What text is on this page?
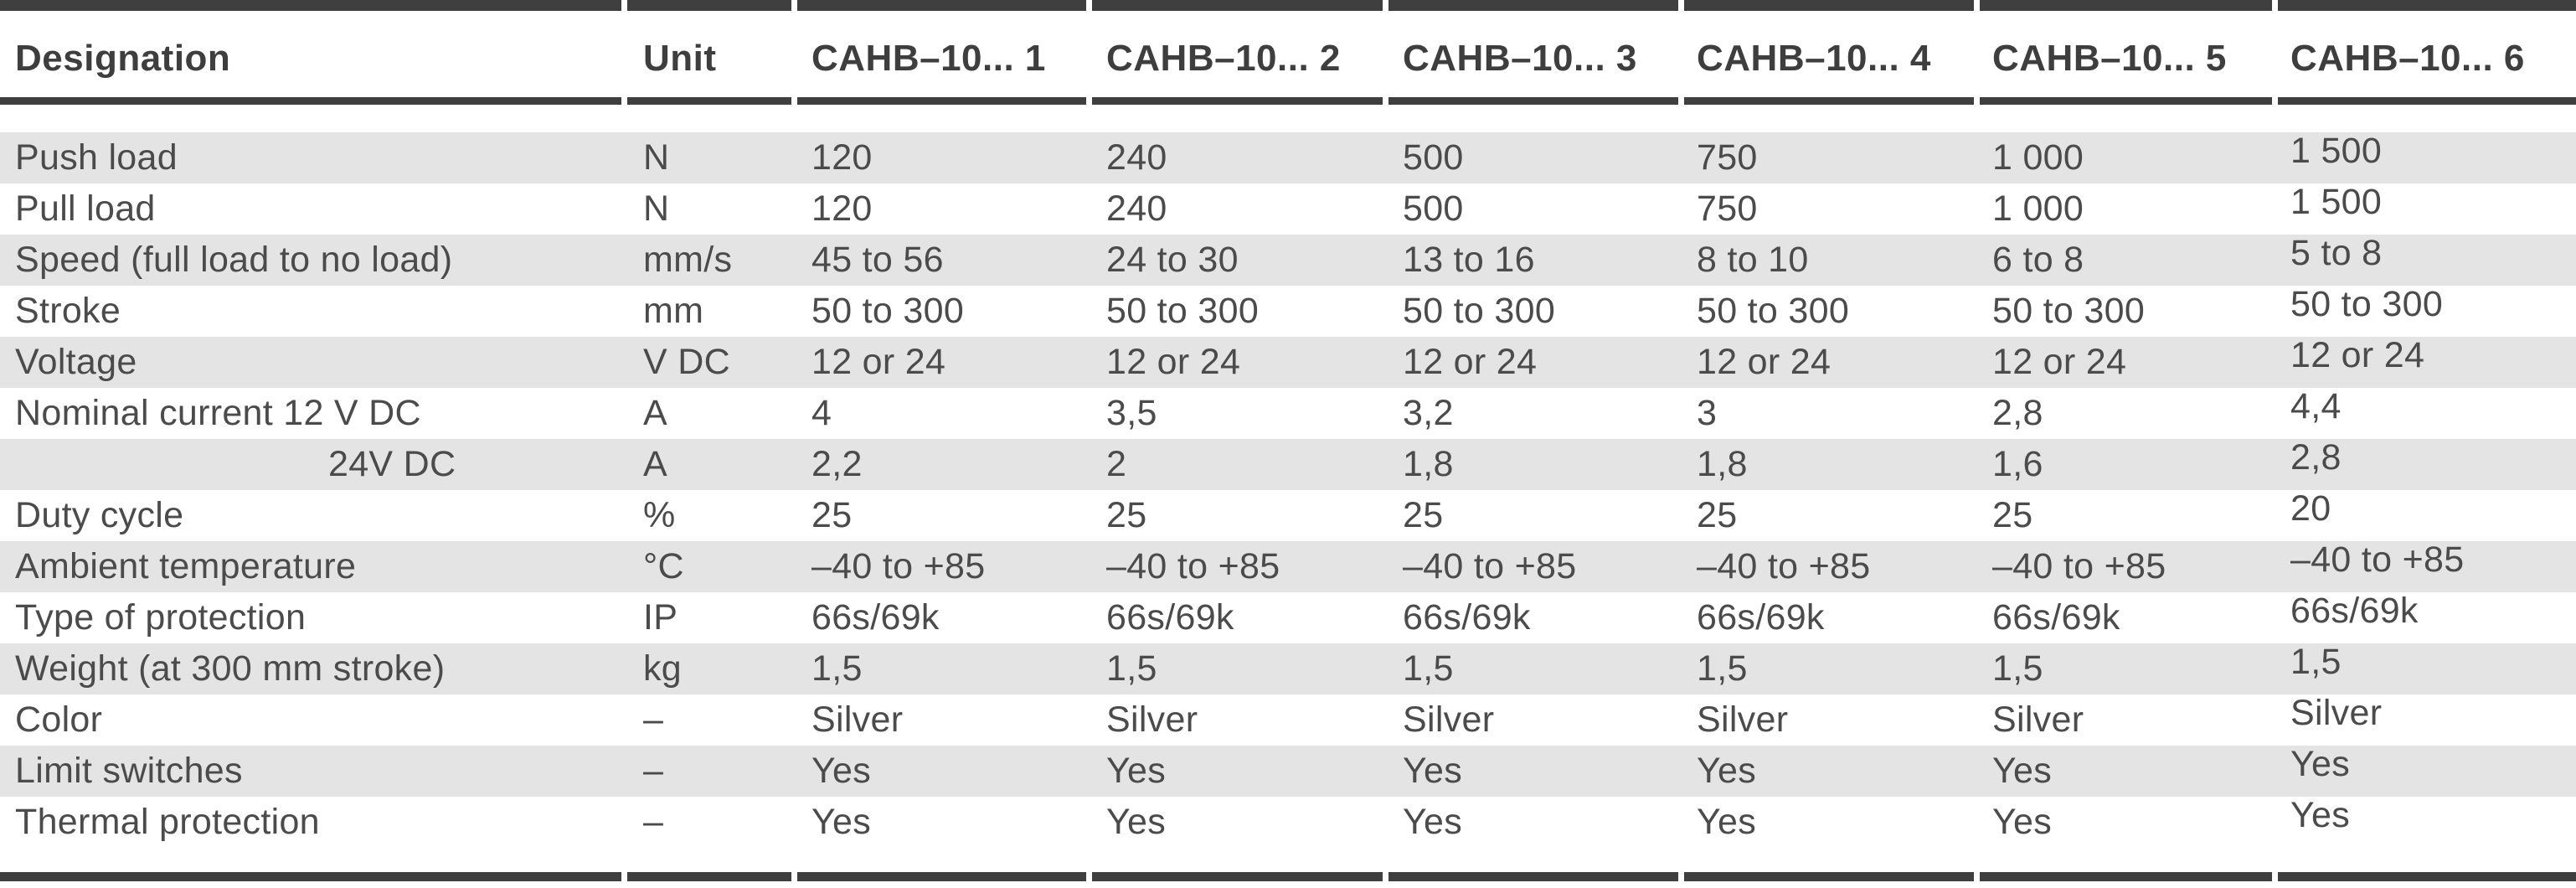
Designation	Unit	CAHB–10... 1	CAHB–10... 2	CAHB–10... 3	CAHB–10... 4	CAHB–10... 5	CAHB–10... 6
Push load	N	120	240	500	750	1 000	1 500
Pull load	N	120	240	500	750	1 000	1 500
Speed (full load to no load)	mm/s	45 to 56	24 to 30	13 to 16	8 to 10	6 to 8	5 to 8
Stroke	mm	50 to 300	50 to 300	50 to 300	50 to 300	50 to 300	50 to 300
Voltage	V DC	12 or 24	12 or 24	12 or 24	12 or 24	12 or 24	12 or 24
Nominal current 12 V DC	A	4	3,5	3,2	3	2,8	4,4
24V DC	A	2,2	2	1,8	1,8	1,6	2,8
Duty cycle	%	25	25	25	25	25	20
Ambient temperature	°C	–40 to +85	–40 to +85	–40 to +85	–40 to +85	–40 to +85	–40 to +85
Type of protection	IP	66s/69k	66s/69k	66s/69k	66s/69k	66s/69k	66s/69k
Weight (at 300 mm stroke)	kg	1,5	1,5	1,5	1,5	1,5	1,5
Color	–	Silver	Silver	Silver	Silver	Silver	Silver
Limit switches	–	Yes	Yes	Yes	Yes	Yes	Yes
Thermal protection	–	Yes	Yes	Yes	Yes	Yes	Yes
